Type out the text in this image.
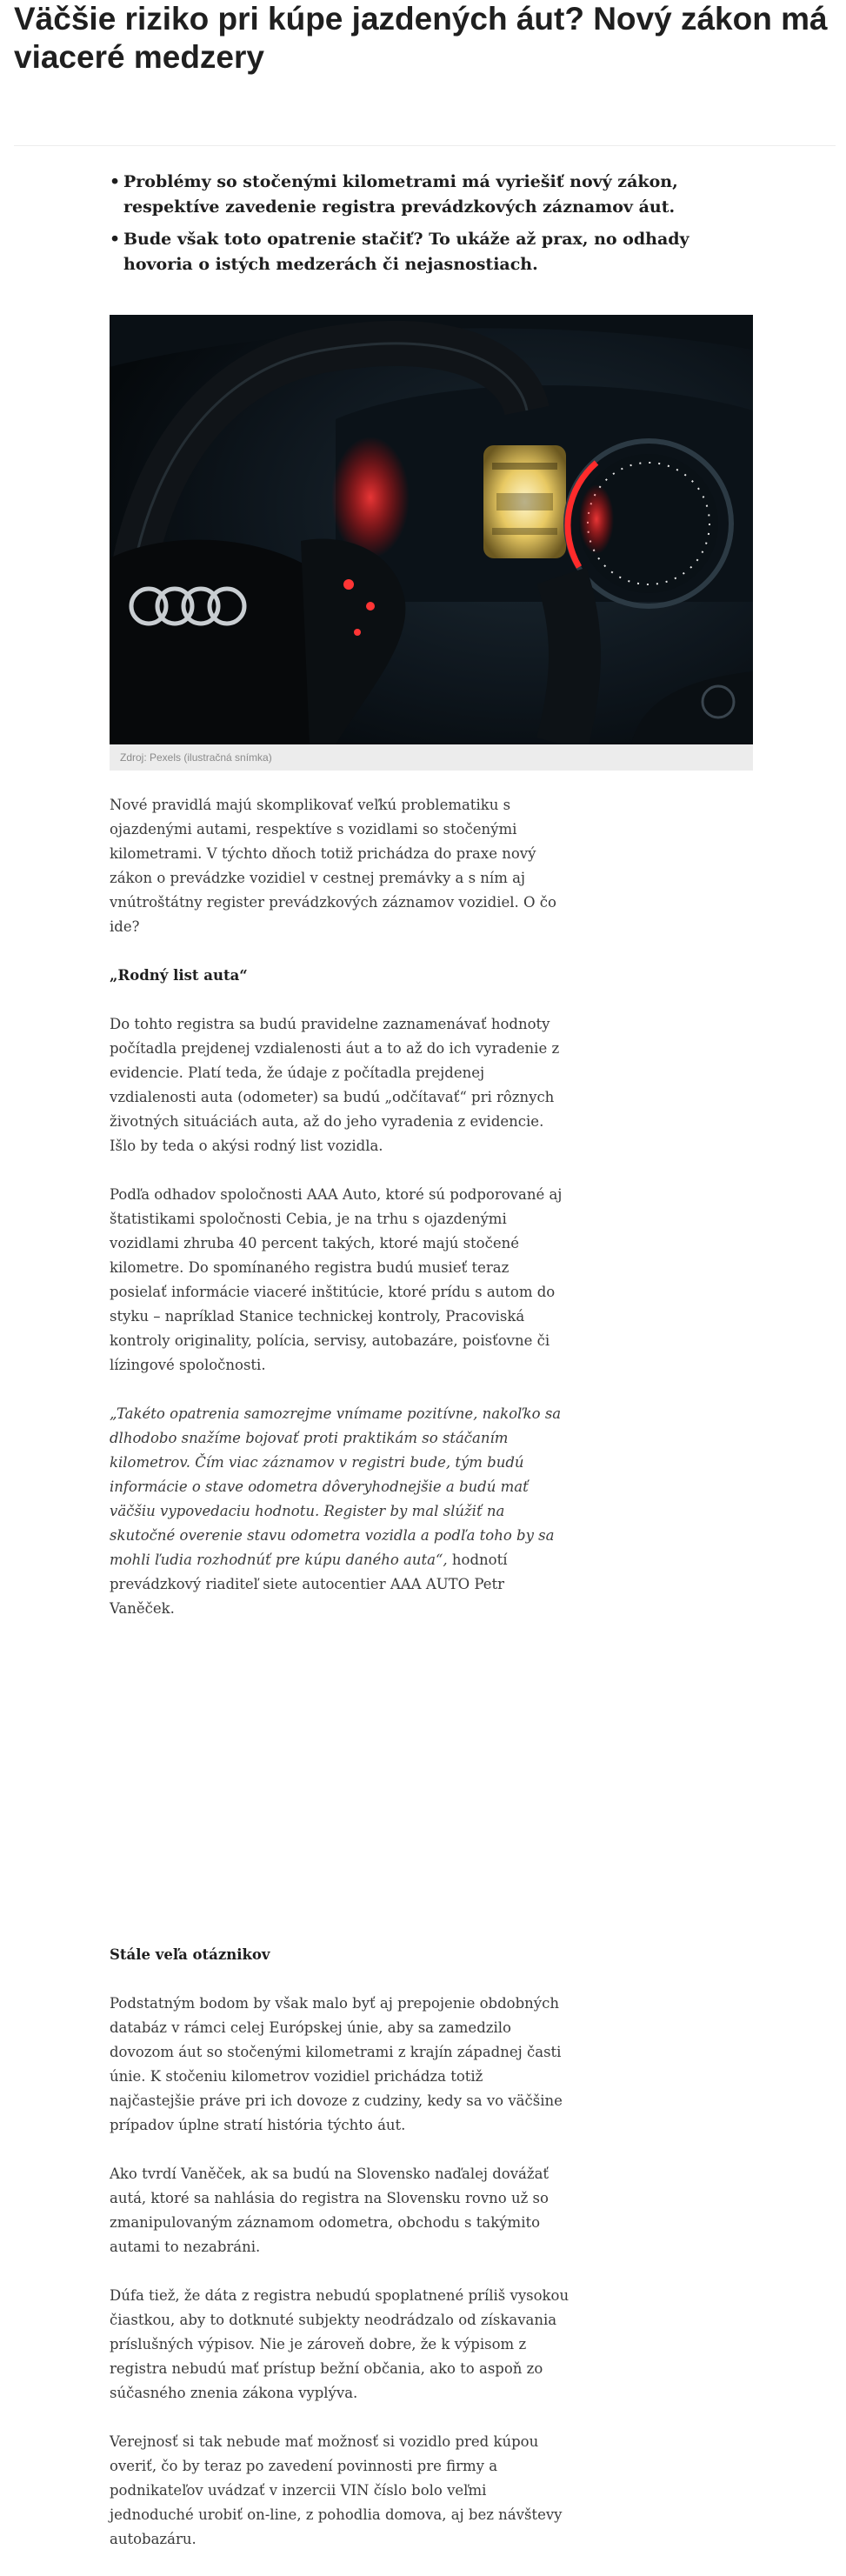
Väčšie riziko pri kúpe jazdených áut? Nový zákon má viaceré medzery
• Problémy so stočenými kilometrami má vyriešiť nový zákon, respektíve zavedenie registra prevádzkových záznamov áut.
• Bude však toto opatrenie stačiť? To ukáže až prax, no odhady hovoria o istých medzerách či nejasnostiach.
Zdroj: Pexels (ilustračná snímka)

Nové pravidlá majú skomplikovať veľkú problematiku s ojazdenými autami, respektíve s vozidlami so stočenými kilometrami. V týchto dňoch totiž prichádza do praxe nový zákon o prevádzke vozidiel v cestnej premávky a s ním aj vnútroštátny register prevádzkových záznamov vozidiel. O čo ide?

„Rodný list auta“

Do tohto registra sa budú pravidelne zaznamenávať hodnoty počítadla prejdenej vzdialenosti áut a to až do ich vyradenie z evidencie. Platí teda, že údaje z počítadla prejdenej vzdialenosti auta (odometer) sa budú „odčítavať“ pri rôznych životných situáciách auta, až do jeho vyradenia z evidencie. Išlo by teda o akýsi rodný list vozidla.

Podľa odhadov spoločnosti AAA Auto, ktoré sú podporované aj štatistikami spoločnosti Cebia, je na trhu s ojazdenými vozidlami zhruba 40 percent takých, ktoré majú stočené kilometre. Do spomínaného registra budú musieť teraz posielať informácie viaceré inštitúcie, ktoré prídu s autom do styku – napríklad Stanice technickej kontroly, Pracoviská kontroly originality, polícia, servisy, autobazáre, poisťovne či lízingové spoločnosti.

„Takéto opatrenia samozrejme vnímame pozitívne, nakoľko sa dlhodobo snažíme bojovať proti praktikám so stáčaním kilometrov. Čím viac záznamov v registri bude, tým budú informácie o stave odometra dôveryhodnejšie a budú mať väčšiu vypovedaciu hodnotu. Register by mal slúžiť na skutočné overenie stavu odometra vozidla a podľa toho by sa mohli ľudia rozhodnúť pre kúpu daného auta“, hodnotí prevádzkový riaditeľ siete autocentier AAA AUTO Petr Vaněček.

Stále veľa otáznikov

Podstatným bodom by však malo byť aj prepojenie obdobných databáz v rámci celej Európskej únie, aby sa zamedzilo dovozom áut so stočenými kilometrami z krajín západnej časti únie. K stočeniu kilometrov vozidiel prichádza totiž najčastejšie práve pri ich dovoze z cudziny, kedy sa vo väčšine prípadov úplne stratí história týchto áut.

Ako tvrdí Vaněček, ak sa budú na Slovensko naďalej dovážať autá, ktoré sa nahlásia do registra na Slovensku rovno už so zmanipulovaným záznamom odometra, obchodu s takýmito autami to nezabráni.

Dúfa tiež, že dáta z registra nebudú spoplatnené príliš vysokou čiastkou, aby to dotknuté subjekty neodrádzalo od získavania príslušných výpisov. Nie je zároveň dobre, že k výpisom z registra nebudú mať prístup bežní občania, ako to aspoň zo súčasného znenia zákona vyplýva.

Verejnosť si tak nebude mať možnosť si vozidlo pred kúpou overiť, čo by teraz po zavedení povinnosti pre firmy a podnikateľov uvádzať v inzercii VIN číslo bolo veľmi jednoduché urobiť on-line, z pohodlia domova, aj bez návštevy autobazáru.
